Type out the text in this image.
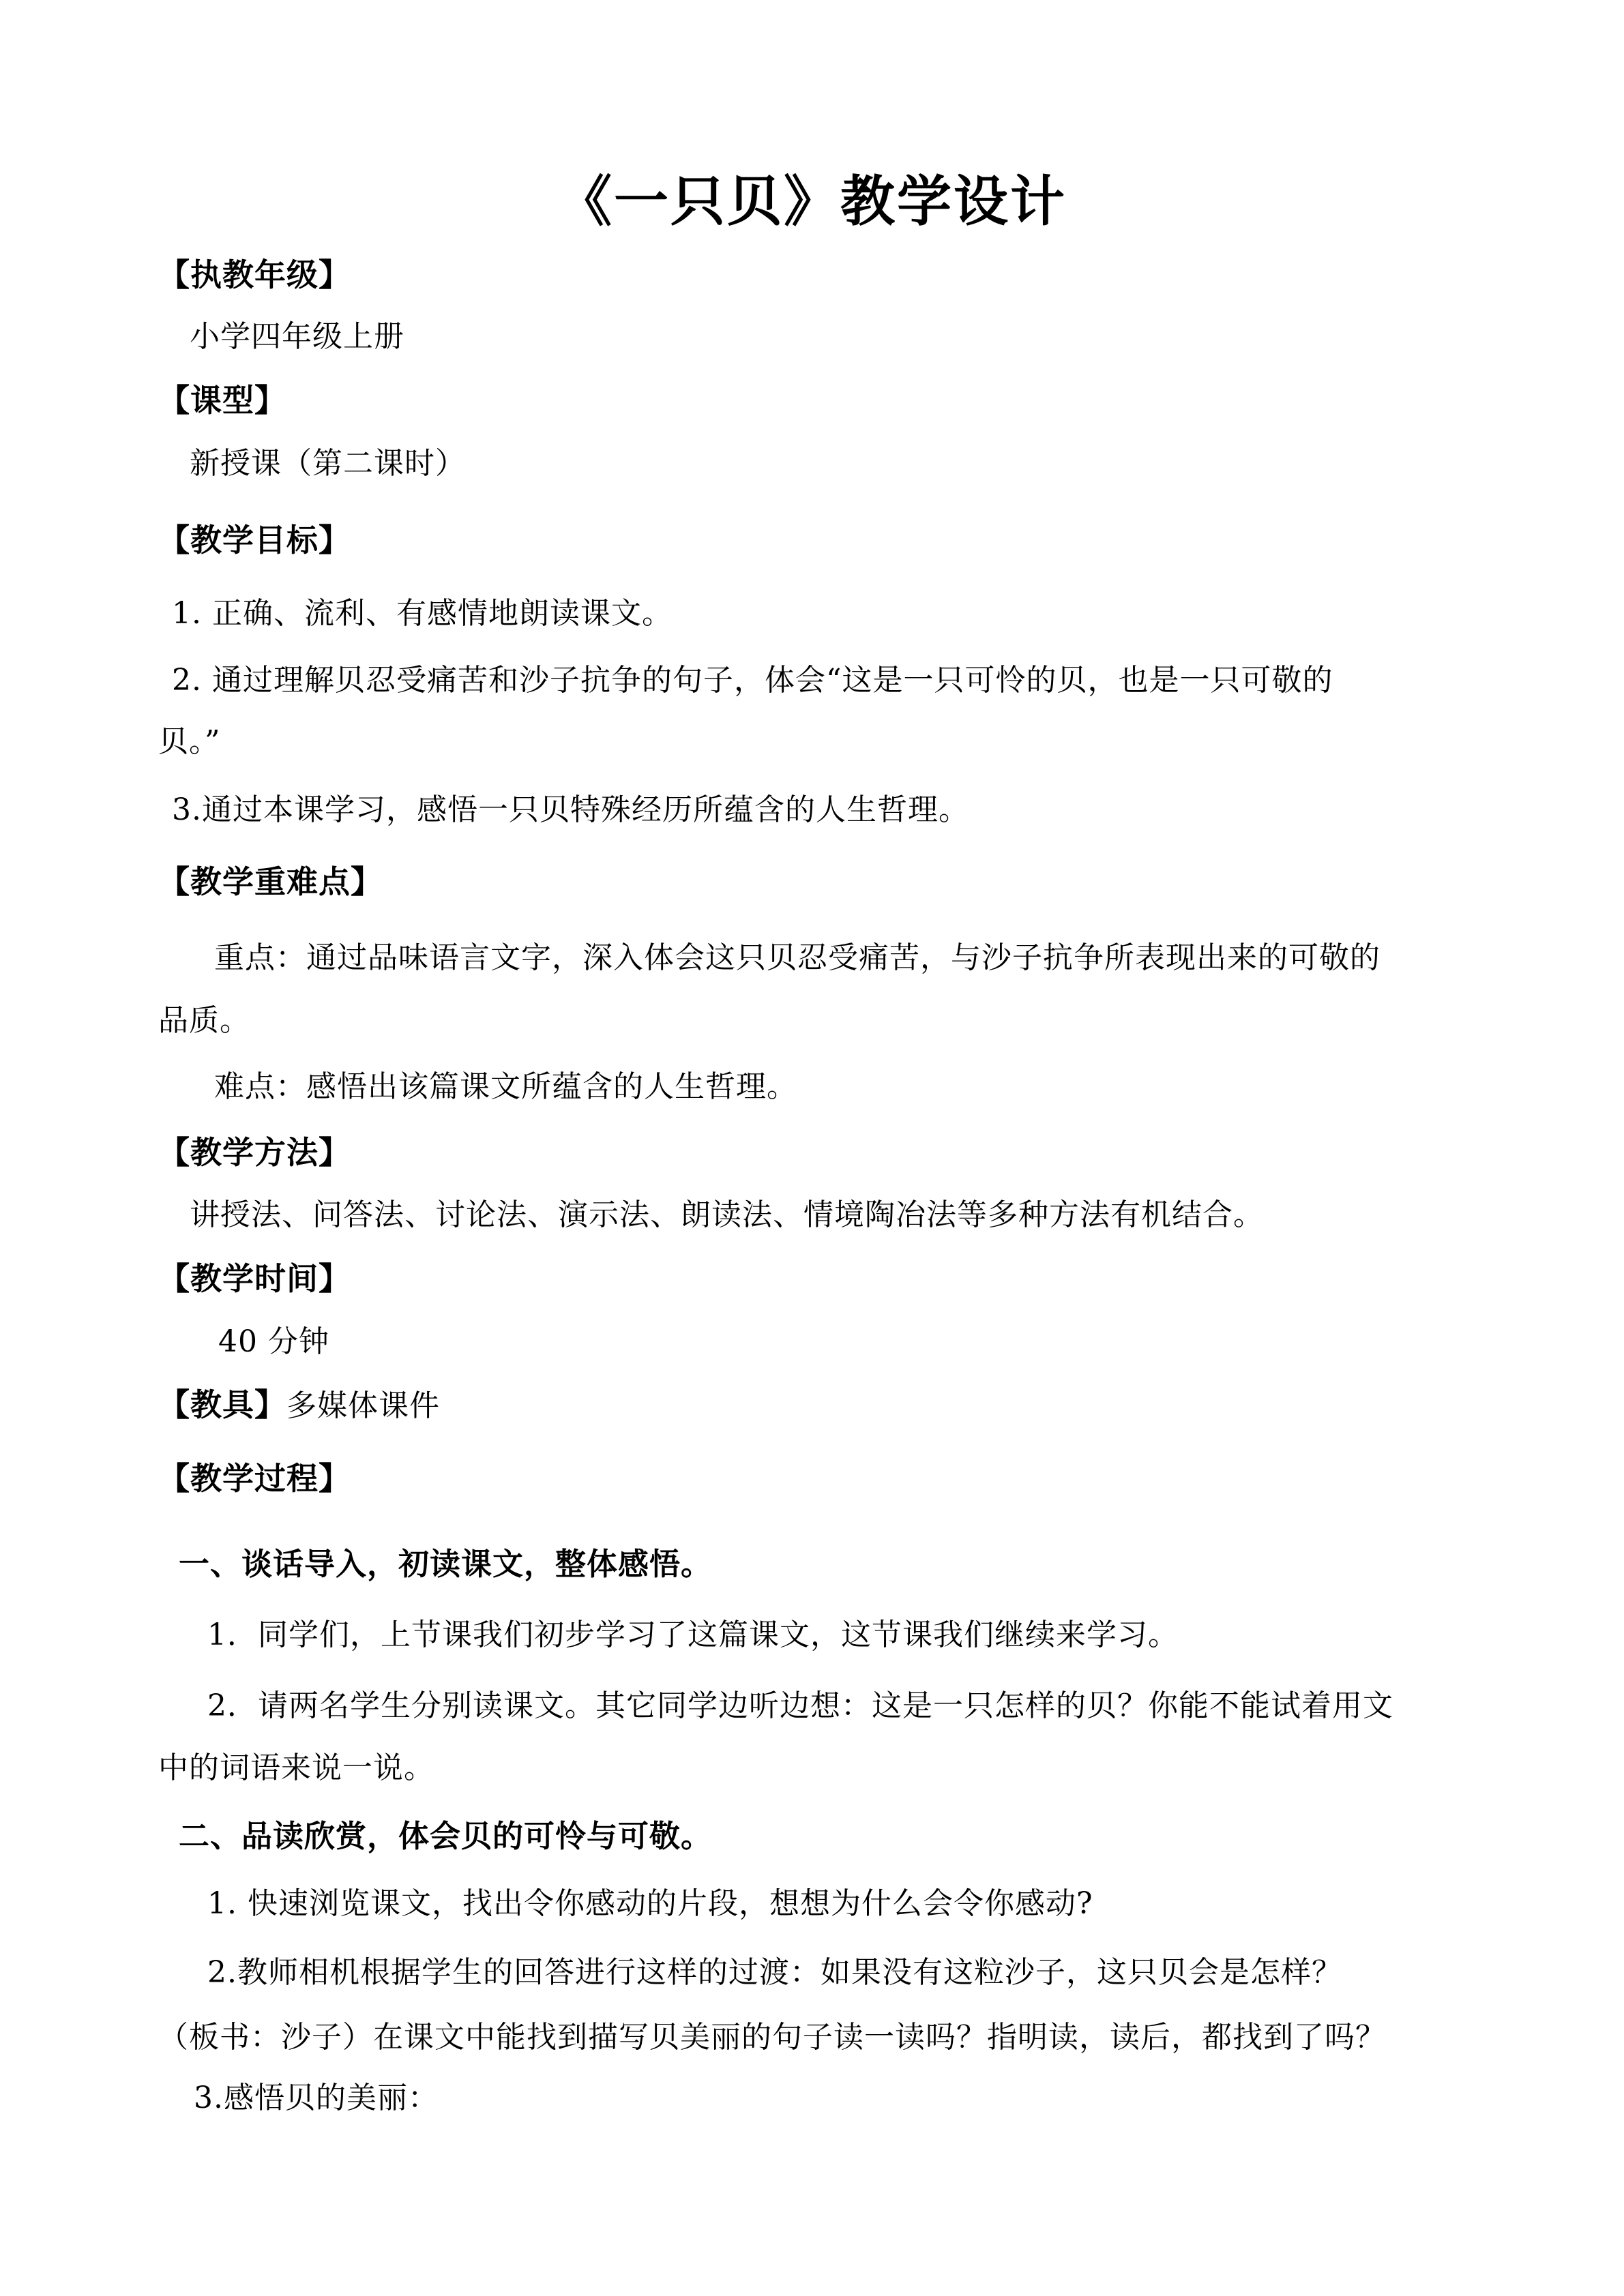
《一只贝》教学设计
【执教年级】
小学四年级上册
【课型】
新授课（第二课时）
【教学目标】
1. 正确、流利、有感情地朗读课文。
2. 通过理解贝忍受痛苦和沙子抗争的句子，体会“这是一只可怜的贝，也是一只可敬的
贝。”
3.通过本课学习，感悟一只贝特殊经历所蕴含的人生哲理。
【教学重难点】
重点：通过品味语言文字，深入体会这只贝忍受痛苦，与沙子抗争所表现出来的可敬的
品质。
难点：感悟出该篇课文所蕴含的人生哲理。
【教学方法】
讲授法、问答法、讨论法、演示法、朗读法、情境陶冶法等多种方法有机结合。
【教学时间】
40 分钟
【教具】多媒体课件
【教学过程】
一、谈话导入，初读课文，整体感悟。
1．同学们，上节课我们初步学习了这篇课文，这节课我们继续来学习。
2．请两名学生分别读课文。其它同学边听边想：这是一只怎样的贝？你能不能试着用文
中的词语来说一说。
二、品读欣赏，体会贝的可怜与可敬。
1. 快速浏览课文，找出令你感动的片段，想想为什么会令你感动?
2.教师相机根据学生的回答进行这样的过渡：如果没有这粒沙子，这只贝会是怎样？
（板书：沙子）在课文中能找到描写贝美丽的句子读一读吗？指明读，读后，都找到了吗？
3.感悟贝的美丽：
